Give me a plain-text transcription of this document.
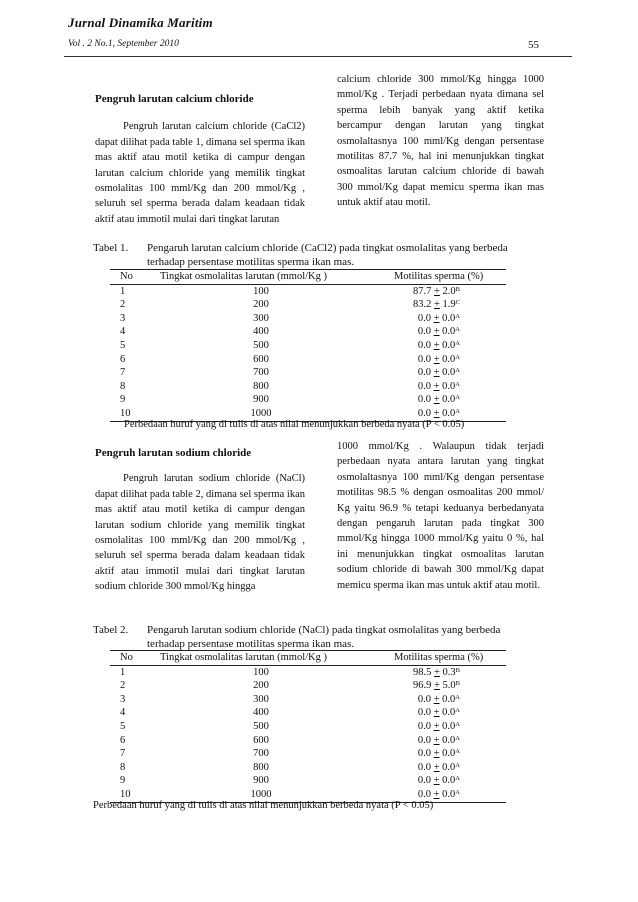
Jurnal Dinamika Maritim
Vol . 2 No.1, September 2010	55

Pengruh larutan calcium chloride

Pengruh larutan calcium chloride (CaCl2) dapat dilihat pada table 1, dimana sel sperma ikan mas aktif atau motil ketika di campur dengan larutan calcium chloride yang memilik tingkat osmolalitas 100 mml/Kg dan 200 mmol/Kg , seluruh sel sperma berada dalam keadaan tidak aktif atau immotil mulai dari tingkat larutan

calcium chloride 300 mmol/Kg hingga 1000 mmol/Kg . Terjadi perbedaan nyata dimana sel sperma lebih banyak yang aktif ketika bercampur dengan larutan yang tingkat osmolaltasnya 100 mml/Kg dengan persentase motilitas 87.7 %, hal ini menunjukkan tingkat osmoalitas larutan calcium chloride di bawah 300 mmol/Kg dapat memicu sperma ikan mas untuk aktif atau motil.

Tabel 1. Pengaruh larutan calcium chloride (CaCl2) pada tingkat osmolalitas yang berbeda
terhadap persentase motilitas sperma ikan mas.
No	Tingkat osmolalitas larutan (mmol/Kg )	Motilitas sperma (%)
1	100	$87.7 + 2.0^B$
2	200	$83.2 + 1.9^C$
3	300	$0.0 + 0.0^A$
4	400	$0.0 + 0.0^A$
5	500	$0.0 + 0.0^A$
6	600	$0.0 + 0.0^A$
7	700	$0.0 + 0.0^A$
8	800	$0.0 + 0.0^A$
9	900	$0.0 + 0.0^A$
10	1000	$0.0 + 0.0^A$
Perbedaan huruf yang di tulis di atas nilai menunjukkan berbeda nyata (P < 0.05)

Pengruh larutan sodium chloride

Pengruh larutan sodium chloride (NaCl) dapat dilihat pada table 2, dimana sel sperma ikan mas aktif atau motil ketika di campur dengan larutan sodium chloride yang memilik tingkat osmolalitas 100 mml/Kg dan 200 mmol/Kg , seluruh sel sperma berada dalam keadaan tidak aktif atau immotil mulai dari tingkat larutan sodium chloride 300 mmol/Kg hingga

1000 mmol/Kg . Walaupun tidak terjadi perbedaan nyata antara larutan yang tingkat osmolaltasnya 100 mml/Kg dengan persentase motilitas 98.5 % dengan osmoalitas 200 mmol/ Kg yaitu 96.9 % tetapi keduanya berbedanyata dengan pengaruh larutan pada tingkat 300 mmol/Kg hingga 1000 mmol/Kg yaitu 0 %, hal ini menunjukkan tingkat osmoalitas larutan sodium chloride di bawah 300 mmol/Kg dapat memicu sperma ikan mas untuk aktif atau motil.

Tabel 2. Pengaruh larutan sodium chloride (NaCl) pada tingkat osmolalitas yang berbeda
terhadap persentase motilitas sperma ikan mas.
No	Tingkat osmolalitas larutan (mmol/Kg )	Motilitas sperma (%)
1	100	$98.5 + 0.3^B$
2	200	$96.9 + 5.0^B$
3	300	$0.0 + 0.0^A$
4	400	$0.0 + 0.0^A$
5	500	$0.0 + 0.0^A$
6	600	$0.0 + 0.0^A$
7	700	$0.0 + 0.0^A$
8	800	$0.0 + 0.0^A$
9	900	$0.0 + 0.0^A$
10	1000	$0.0 + 0.0^A$
Perbedaan huruf yang di tulis di atas nilai menunjukkan berbeda nyata (P < 0.05)
